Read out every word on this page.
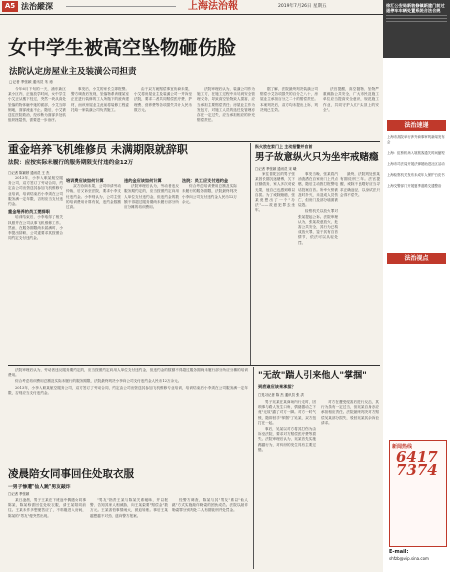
A5 法治縱深	上海法治報	2019年7月26日 星期五	徐汇公安局新装修镇新建门前过道停车车辆处置系统合法合规
法治速递
上海市高院举行涉外商事审判新闻发布会
上海：虹桥机场入境旅客通关时间缩短
上海市司法局开展法律援助进社区活动
上海检察机关发布未成年人保护白皮书
上海交警部门开展夏季道路交通整治
法治视点
新闻热线
64177374
E-mail:
shfzb@vip.sina.com
女中学生被高空坠物砸伤脸
法院认定房屋业主及装潢公司担责
□记者 季张颖 通讯员 朱 甫

今年6月下旬的一天，浦东新区某小区内，正值放学时间，女中学生小艾正从楼下经过，突然一块从高处坠落的物体砸中她的面部，小艾当即倒地，面部流血不止。随后，小艾被送往医院救治，经诊断为面部多处软组织挫裂伤，需要进一步治疗。

事发后，小艾的家长立即报警。警方调查后发现，坠落物系该楼某室正在进行装修的工人所抛下的废弃建材，而该房屋业主此前将装修工程委托给一家装潢公司负责施工。

由于双方就赔偿事宜协商未果，小艾将房屋业主及装潢公司一并诉至法院，要求二者共同赔偿医疗费、护理费、营养费等各项损失共计人民币数万元。

法院审理后认为，装潢公司作为施工方，在施工过程中未尽到安全管理义务，导致高空坠物致人损害，应当承担主要赔偿责任；房屋业主作为发包方，对施工人员的选任及管理亦存在一定过失，应当承担相应的补充赔偿责任。

据了解，法院最终判决装潢公司赔偿小艾各项损失的百分之八十，房屋业主承担百分之二十的赔偿责任。本案判决后，双方均未提出上诉，判决现已生效。

法官提醒，高空抛物、坠物严重威胁公共安全，广大市民及施工单位应当提高安全意识，规范施工作业，共同守护人们"头顶上的安全"。

重金培养飞机维修员 未满期限就辞职
法院：应按实际未履行的服务期限支付违约金12万
□记者 陈颖婷 通讯员 王 杰

2013年，小李入职某航空服务公司，双方签订了劳动合同，约定由公司出资送其参加飞机维修专业培训，培训结束后小李须在公司服务满一定年限，否则应当支付违约金。

重金培养的员工要辞职

培训结束后，小李取得了相关执照并在公司从事飞机维修工作。然而，在服务期限尚未届满时，小李提出辞职，公司遂要求其按照合同约定支付违约金。

培训费应该如何计算

双方协商未果，公司申请劳动仲裁，后又诉至法院，要求小李支付违约金。小李则认为，公司主张的培训费用计算有误，违约金数额过高。

违约金应该如何计算

法院审理后认为，劳动者违反服务期约定的，应当按照约定向用人单位支付违约金，但违约金的数额不得超过服务期尚未履行部分所应分摊的培训费用。

法院：员工应支付违约金

综合考虑培训费用总额及实际未履行的服务期限，法院最终判决小李向公司支付违约金人民币12万余元。

纵火放在家门上 主动报警并自首
男子故意纵火只为坐牢戒赌瘾
□记者 季张颖 通讯员 宋 曦

家住普陀区的男子张某因长期沉迷赌博，欠下巨额债务，家人多次劝说无果，他自己也感到难以自拔。为了戒除赌瘾，张某竟想出了一个"办法"——故意犯罪去坐牢。

事发当晚，张某将汽油泼洒在自家房门上并点燃，随后主动拨打报警电话投案自首。所幸火势被及时扑灭，未造成人员伤亡，但房门及部分墙面被烧毁。

检察机关以放火罪对张某提起公诉。法院审理认为，张某故意放火，危害公共安全，其行为已构成放火罪，鉴于其有自首情节，依法可以从轻处罚。

最终，法院判处张某有期徒刑三年。法官提醒，戒除不良嗜好应当寻求正确途径，以身试法只会得不偿失。

"无故"踹人引来他人"掌掴"
到底谁应该来承担？
□见习记者 陈 杰 通讯员 张 洪

男子吴某在某商场内行走时，因琐事与路人发生口角，情绪激动之下竟"无故"踹了对方一脚。对方一时气愤，随即回手"掌掴"了吴某，双方扭打在一起。

事后，吴某以对方将其打伤为由诉至法院，要求对方赔偿医疗费等损失。法院审理后认为，吴某首先实施踢踹行为，对纠纷的发生具有主要过错。

对方在遭受侵害后进行反击，其行为虽有一定过当，但吴某自身亦应承担相应责任。法院最终判决对方赔偿吴某部分损失，驳回吴某其余诉讼请求。

凌晨陪女同事回住处取衣服
一男子惨遭"仙人跳"男友敲诈
□记者 季张颖

某日凌晨，男子王某在下班途中偶遇女同事陈某，陈某称需回住处取衣服，请王某陪同前往。王某未作多想便答应了，不料刚进入房间，陈某的"男友"便突然出现。

"男友"指责王某与陈某关系暧昧，并以报警、告知其家人相威胁，向王某索要"赔偿金"数万元。王某害怕事情闹大，被迫转账。事后王某越想越不对劲，遂向警方报案。

经警方调查，陈某与其"男友"系以"仙人跳"方式实施敲诈勒索的团伙成员。法院以敲诈勒索罪分别判处二人有期徒刑并处罚金。

法院审理后认为，劳动者违反服务期约定的，应当按照约定向用人单位支付违约金，但违约金的数额不得超过服务期尚未履行部分所应分摊的培训费用。

综合考虑培训费用总额及实际未履行的服务期限，法院最终判决小李向公司支付违约金人民币12万余元。

2013年，小李入职某航空服务公司，双方签订了劳动合同，约定由公司出资送其参加飞机维修专业培训，培训结束后小李须在公司服务满一定年限，否则应当支付违约金。
